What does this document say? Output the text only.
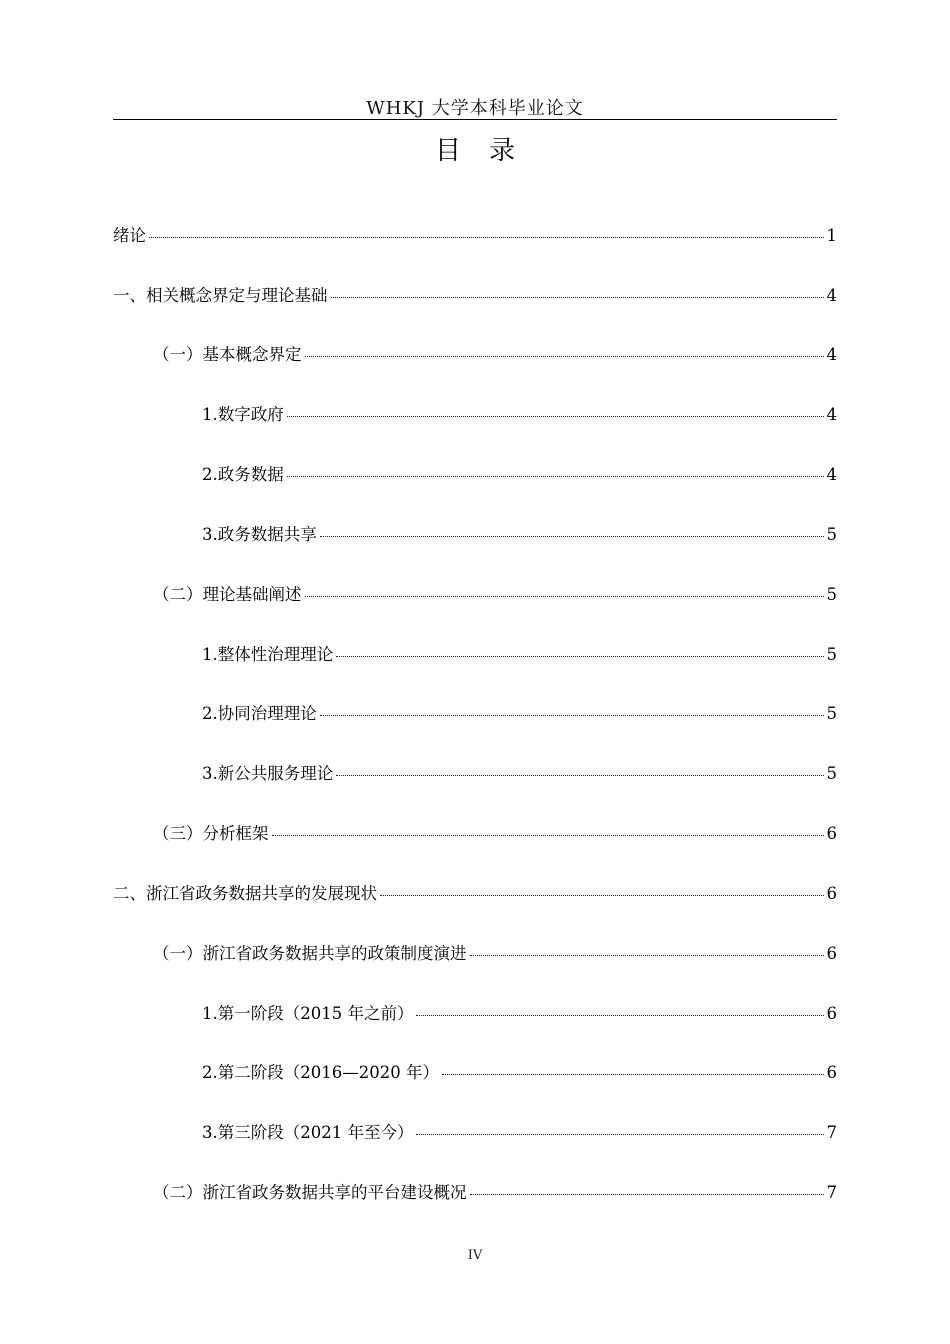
WHKJ 大学本科毕业论文
目录
绪论	1
一、相关概念界定与理论基础	4
（一）基本概念界定	4
1.数字政府	4
2.政务数据	4
3.政务数据共享	5
（二）理论基础阐述	5
1.整体性治理理论	5
2.协同治理理论	5
3.新公共服务理论	5
（三）分析框架	6
二、浙江省政务数据共享的发展现状	6
（一）浙江省政务数据共享的政策制度演进	6
1.第一阶段（2015 年之前）	6
2.第二阶段（2016—2020 年）	6
3.第三阶段（2021 年至今）	7
（二）浙江省政务数据共享的平台建设概况	7
IV
